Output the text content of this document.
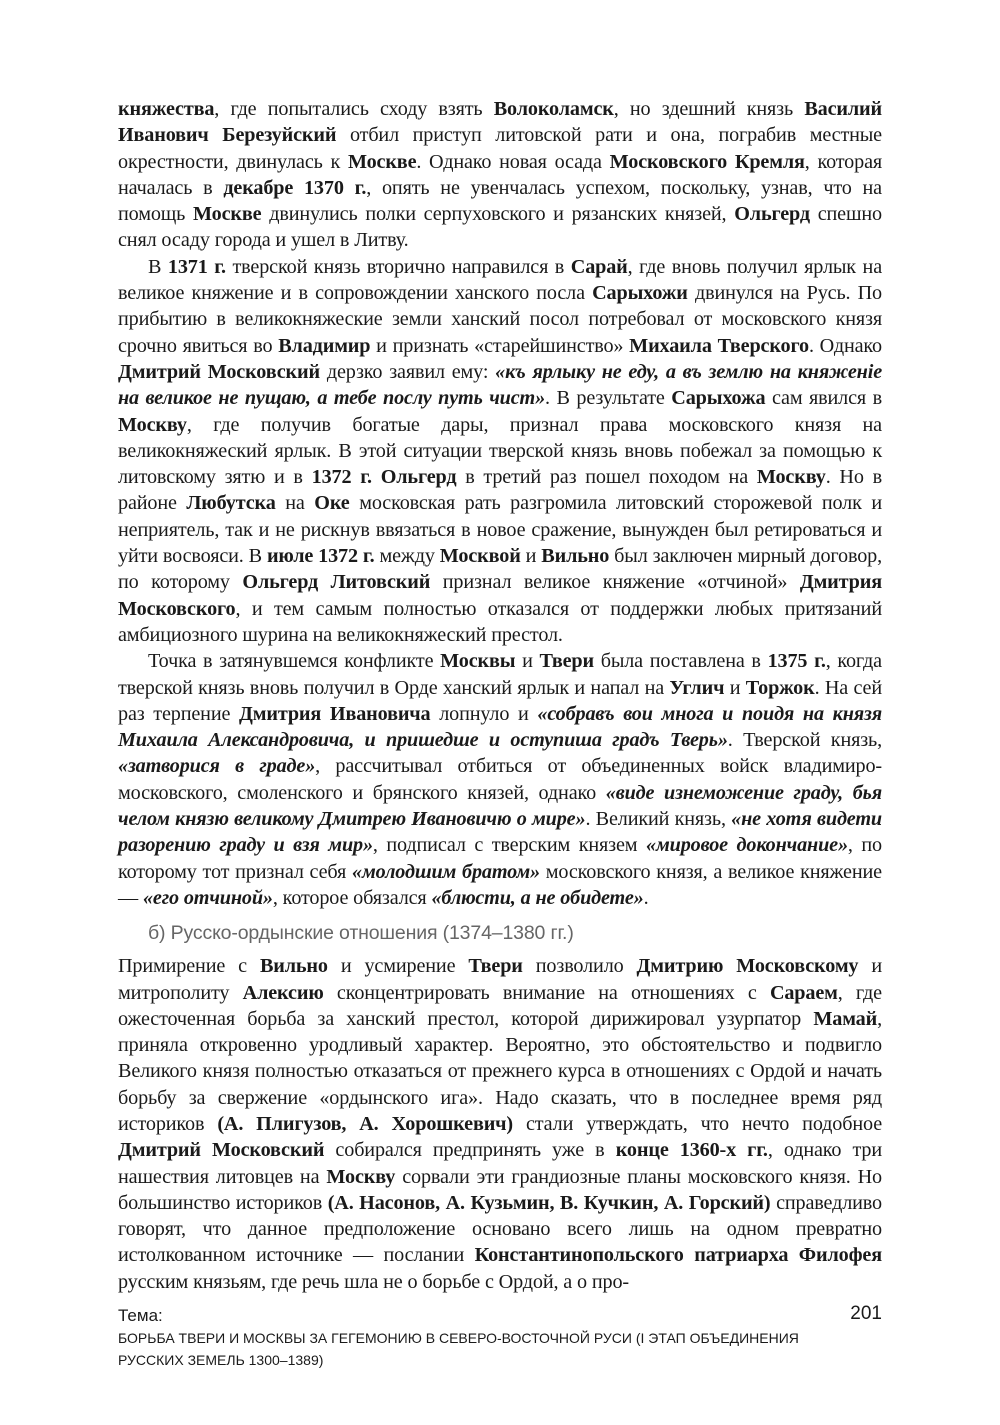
княжества, где попытались сходу взять Волоколамск, но здешний князь Василий Иванович Березуйский отбил приступ литовской рати и она, пограбив местные окрестности, двинулась к Москве. Однако новая осада Московского Кремля, которая началась в декабре 1370 г., опять не увенчалась успехом, поскольку, узнав, что на помощь Москве двинулись полки серпуховского и рязанских князей, Ольгерд спешно снял осаду города и ушел в Литву.

В 1371 г. тверской князь вторично направился в Сарай, где вновь получил ярлык на великое княжение и в сопровождении ханского посла Сарыхожи двинулся на Русь. По прибытию в великокняжеские земли ханский посол потребовал от московского князя срочно явиться во Владимир и признать «старейшинство» Михаила Тверского. Однако Дмитрий Московский дерзко заявил ему: «къ ярлыку не еду, а въ землю на княженіе на великое не пущаю, а тебе послу путь чист». В результате Сарыхожа сам явился в Москву, где получив богатые дары, признал права московского князя на великокняжеский ярлык. В этой ситуации тверской князь вновь побежал за помощью к литовскому зятю и в 1372 г. Ольгерд в третий раз пошел походом на Москву. Но в районе Любутска на Оке московская рать разгромила литовский сторожевой полк и неприятель, так и не рискнув ввязаться в новое сражение, вынужден был ретироваться и уйти восвояси. В июле 1372 г. между Москвой и Вильно был заключен мирный договор, по которому Ольгерд Литовский признал великое княжение «отчиной» Дмитрия Московского, и тем самым полностью отказался от поддержки любых притязаний амбициозного шурина на великокняжеский престол.

Точка в затянувшемся конфликте Москвы и Твери была поставлена в 1375 г., когда тверской князь вновь получил в Орде ханский ярлык и напал на Углич и Торжок. На сей раз терпение Дмитрия Ивановича лопнуло и «собравъ вои многа и поидя на князя Михаила Александровича, и пришедше и оступиша градъ Тверь». Тверской князь, «затворися в граде», рассчитывал отбиться от объединенных войск владимиро-московского, смоленского и брянского князей, однако «виде изнеможение граду, бья челом князю великому Дмитрею Ивановичю о мире». Великий князь, «не хотя видети разорению граду и взя мир», подписал с тверским князем «мировое докончание», по которому тот признал себя «молодшим братом» московского князя, а великое княжение — «его отчиной», которое обязался «блюсти, а не обидете».

б) Русско-ордынские отношения (1374–1380 гг.)

Примирение с Вильно и усмирение Твери позволило Дмитрию Московскому и митрополиту Алексию сконцентрировать внимание на отношениях с Сараем, где ожесточенная борьба за ханский престол, которой дирижировал узурпатор Мамай, приняла откровенно уродливый характер. Вероятно, это обстоятельство и подвигло Великого князя полностью отказаться от прежнего курса в отношениях с Ордой и начать борьбу за свержение «ордынского ига». Надо сказать, что в последнее время ряд историков (А. Плигузов, А. Хорошкевич) стали утверждать, что нечто подобное Дмитрий Московский собирался предпринять уже в конце 1360-х гг., однако три нашествия литовцев на Москву сорвали эти грандиозные планы московского князя. Но большинство историков (А. Насонов, А. Кузьмин, В. Кучкин, А. Горский) справедливо говорят, что данное предположение основано всего лишь на одном превратно истолкованном источнике — послании Константинопольского патриарха Филофея русским князьям, где речь шла не о борьбе с Ордой, а о про-

Тема:
БОРЬБА ТВЕРИ И МОСКВЫ ЗА ГЕГЕМОНИЮ В СЕВЕРО-ВОСТОЧНОЙ РУСИ (I ЭТАП ОБЪЕДИНЕНИЯ
РУССКИХ ЗЕМЕЛЬ 1300–1389)
201
